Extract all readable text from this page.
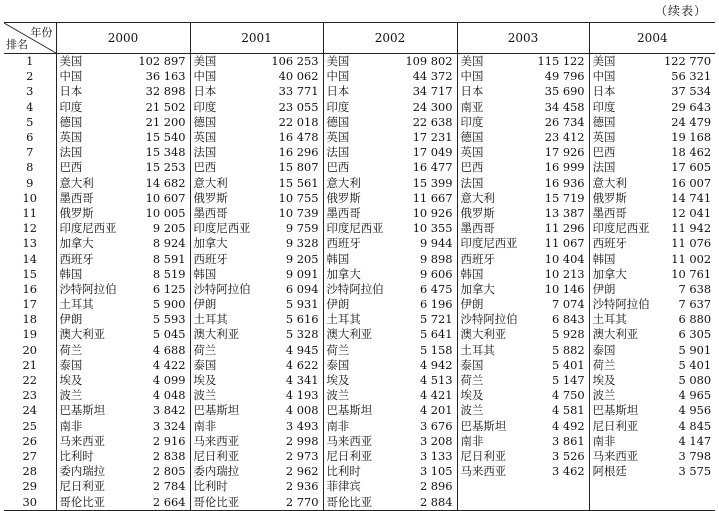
（续表）
年份
排名	2000		2001		2002		2003		2004	
1	美国	102 897	美国	106 253	美国	109 802	美国	115 122	美国	122 770
2	中国	36 163	中国	40 062	中国	44 372	中国	49 796	中国	56 321
3	日本	32 898	日本	33 771	日本	34 717	日本	35 690	日本	37 534
4	印度	21 502	印度	23 055	印度	24 300	南亚	34 458	印度	29 643
5	德国	21 200	德国	22 018	德国	22 638	印度	26 734	德国	24 479
6	英国	15 540	英国	16 478	英国	17 231	德国	23 412	英国	19 168
7	法国	15 348	法国	16 296	法国	17 049	英国	17 926	巴西	18 462
8	巴西	15 253	巴西	15 807	巴西	16 477	巴西	16 999	法国	17 605
9	意大利	14 682	意大利	15 561	意大利	15 399	法国	16 936	意大利	16 007
10	墨西哥	10 607	俄罗斯	10 755	俄罗斯	11 667	意大利	15 719	俄罗斯	14 741
11	俄罗斯	10 005	墨西哥	10 739	墨西哥	10 926	俄罗斯	13 387	墨西哥	12 041
12	印度尼西亚	9 205	印度尼西亚	9 759	印度尼西亚	10 355	墨西哥	11 296	印度尼西亚	11 942
13	加拿大	8 924	加拿大	9 328	西班牙	9 944	印度尼西亚	11 067	西班牙	11 076
14	西班牙	8 591	西班牙	9 205	韩国	9 898	西班牙	10 404	韩国	11 002
15	韩国	8 519	韩国	9 091	加拿大	9 606	韩国	10 213	加拿大	10 761
16	沙特阿拉伯	6 125	沙特阿拉伯	6 094	沙特阿拉伯	6 475	加拿大	10 146	伊朗	7 638
17	土耳其	5 900	伊朗	5 931	伊朗	6 196	伊朗	7 074	沙特阿拉伯	7 637
18	伊朗	5 593	土耳其	5 616	土耳其	5 721	沙特阿拉伯	6 843	土耳其	6 880
19	澳大利亚	5 045	澳大利亚	5 328	澳大利亚	5 641	澳大利亚	5 928	澳大利亚	6 305
20	荷兰	4 688	荷兰	4 945	荷兰	5 158	土耳其	5 882	泰国	5 901
21	泰国	4 422	泰国	4 622	泰国	4 942	泰国	5 401	荷兰	5 401
22	埃及	4 099	埃及	4 341	埃及	4 513	荷兰	5 147	埃及	5 080
23	波兰	4 048	波兰	4 193	波兰	4 421	埃及	4 750	波兰	4 965
24	巴基斯坦	3 842	巴基斯坦	4 008	巴基斯坦	4 201	波兰	4 581	巴基斯坦	4 956
25	南非	3 324	南非	3 493	南非	3 676	巴基斯坦	4 492	尼日利亚	4 845
26	马来西亚	2 916	马来西亚	2 998	马来西亚	3 208	南非	3 861	南非	4 147
27	比利时	2 838	尼日利亚	2 973	尼日利亚	3 133	尼日利亚	3 526	马来西亚	3 798
28	委内瑞拉	2 805	委内瑞拉	2 962	比利时	3 105	马来西亚	3 462	阿根廷	3 575
29	尼日利亚	2 784	比利时	2 936	菲律宾	2 896				
30	哥伦比亚	2 664	哥伦比亚	2 770	哥伦比亚	2 884				
